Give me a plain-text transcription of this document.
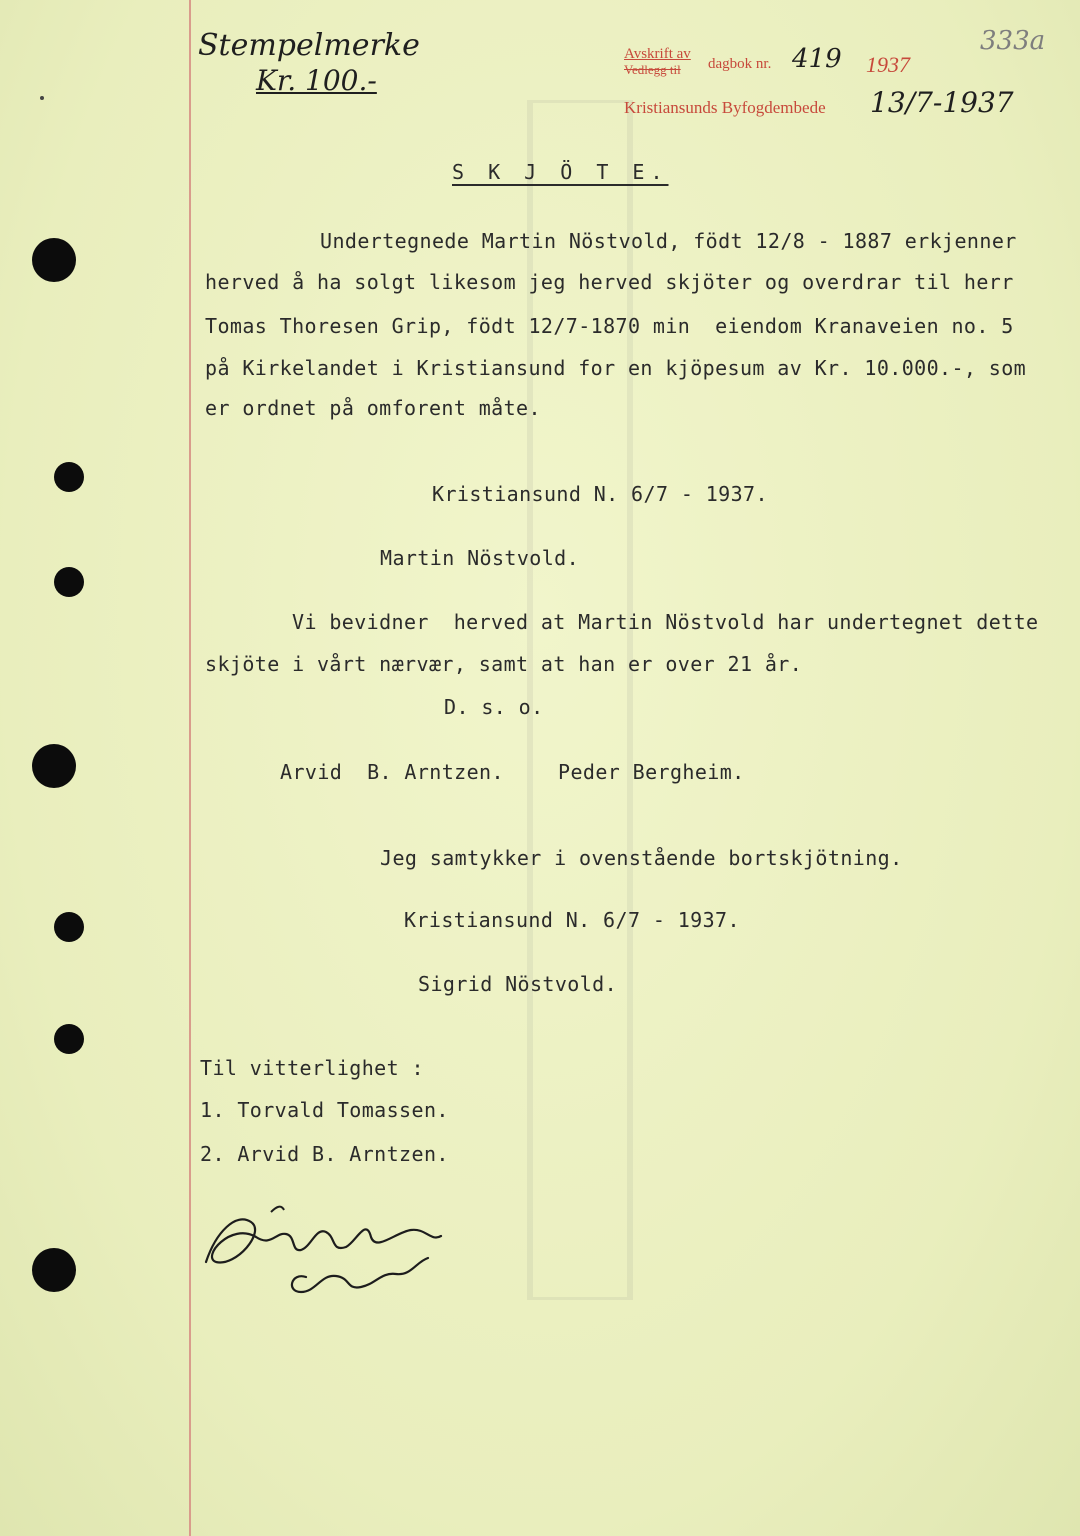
Stempelmerke
Kr. 100.-
Avskrift av
Vedlegg til dagbok nr. 419 1937
Kristiansunds Byfogdembede 13/7-1937
333a
S K J Ö T E.
Undertegnede Martin Nöstvold, födt 12/8 - 1887 erkjenner
herved å ha solgt likesom jeg herved skjöter og overdrar til herr
Tomas Thoresen Grip, födt 12/7-1870 min  eiendom Kranaveien no. 5
på Kirkelandet i Kristiansund for en kjöpesum av Kr. 10.000.-, som
er ordnet på omforent måte.
Kristiansund N. 6/7 - 1937.
Martin Nöstvold.
Vi bevidner  herved at Martin Nöstvold har undertegnet dette
skjöte i vårt nærvær, samt at han er over 21 år.
D. s. o.
Arvid  B. Arntzen.	Peder Bergheim.
Jeg samtykker i ovenstående bortskjötning.
Kristiansund N. 6/7 - 1937.
Sigrid Nöstvold.
Til vitterlighet :
1. Torvald Tomassen.
2. Arvid B. Arntzen.
